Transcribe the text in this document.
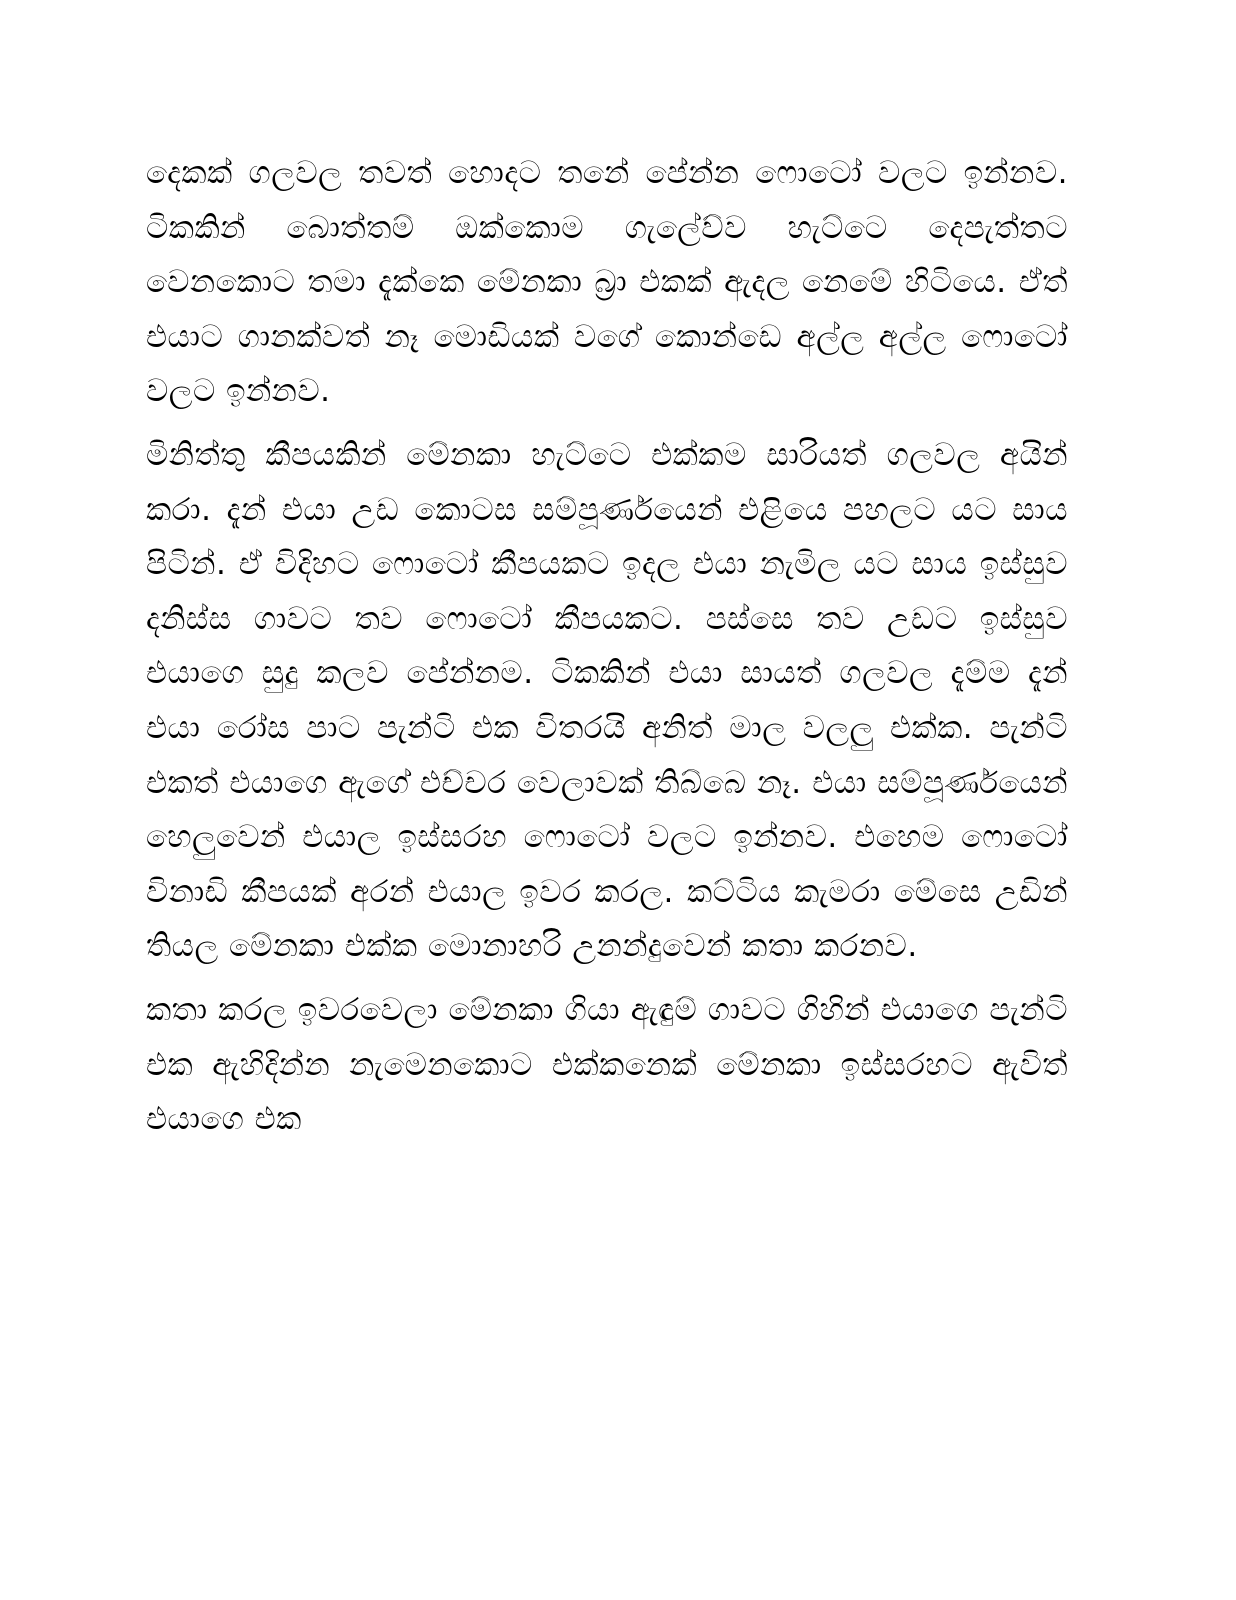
දෙකක් ගලවල තවත් හොදට තනේ පේන්න ෆොටෝ වලට ඉන්නව. ටිකකින් බොත්තම් ඔක්කොම ගැලේව්ව හැට්ටෙ දෙපැත්තට වෙනකොට තමා දැක්කෙ මේනකා බ්‍රා එකක් ඇදල නෙමේ හිටියෙ. ඒත් එයාට ගානක්වත් නෑ මොඩියක් වගේ කොන්ඩෙ අල්ල අල්ල ෆොටෝ වලට ඉන්නව.

මිනිත්තු කීපයකින් මේනකා හැට්ටෙ එක්කම සාරියත් ගලවල අයින් කරා. දැන් එයා උඩ කොටස සම්පූර්ණයෙන් එළියෙ පහලට යට සාය පිටින්. ඒ විදිහට ෆොටෝ කීපයකට ඉදල එයා නැමිල යට සාය ඉස්සුව දනිස්ස ගාවට තව ෆොටෝ කීපයකට. පස්සෙ තව උඩට ඉස්සුව එයාගෙ සුදු කලව පේන්නම. ටිකකින් එයා සායත් ගලවල දැම්ම දැන් එයා රෝස පාට පැන්ටි එක විතරයි අනිත් මාල වලලු එක්ක. පැන්ටි එකත් එයාගෙ ඇගේ එච්චර වෙලාවක් තිබ්බෙ නෑ. එයා සම්පූර්ණයෙන් හෙලුවෙන් එයාල ඉස්සරහ ෆොටෝ වලට ඉන්නව. එහෙම ෆොටෝ විනාඩි කීපයක් අරන් එයාල ඉවර කරල. කට්ටිය කැමරා මේසෙ උඩින් තියල මේනකා එක්ක මොනාහරි උනන්දුවෙන් කතා කරනව.

කතා කරල ඉවරවෙලා මේනකා ගියා ඇඳුම් ගාවට ගිහින් එයාගෙ පැන්ටි එක ඇහිදින්න නැමෙනකොට එක්කනෙක් මේනකා ඉස්සරහට ඇවිත් එයාගෙ එක
